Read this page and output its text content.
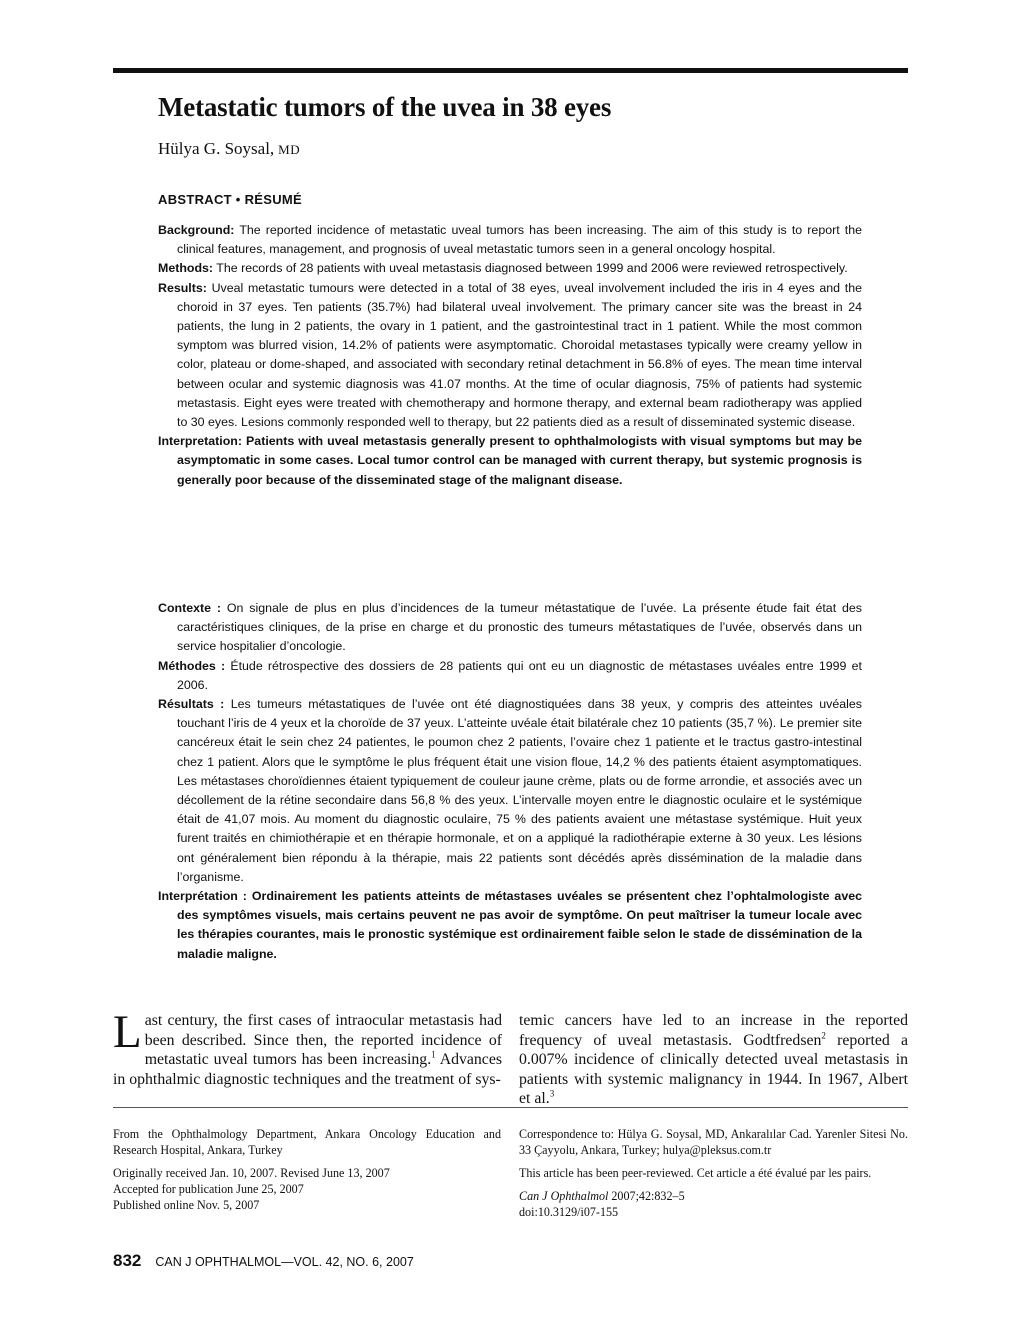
Metastatic tumors of the uvea in 38 eyes
Hülya G. Soysal, MD
ABSTRACT • RÉSUMÉ

Background: The reported incidence of metastatic uveal tumors has been increasing. The aim of this study is to report the clinical features, management, and prognosis of uveal metastatic tumors seen in a general oncology hospital.

Methods: The records of 28 patients with uveal metastasis diagnosed between 1999 and 2006 were reviewed retrospectively.

Results: Uveal metastatic tumours were detected in a total of 38 eyes, uveal involvement included the iris in 4 eyes and the choroid in 37 eyes. Ten patients (35.7%) had bilateral uveal involvement. The primary cancer site was the breast in 24 patients, the lung in 2 patients, the ovary in 1 patient, and the gastrointestinal tract in 1 patient. While the most common symptom was blurred vision, 14.2% of patients were asymptomatic. Choroidal metastases typically were creamy yellow in color, plateau or dome-shaped, and associated with secondary retinal detachment in 56.8% of eyes. The mean time interval between ocular and systemic diagnosis was 41.07 months. At the time of ocular diagnosis, 75% of patients had systemic metastasis. Eight eyes were treated with chemotherapy and hormone therapy, and external beam radiotherapy was applied to 30 eyes. Lesions commonly responded well to therapy, but 22 patients died as a result of disseminated systemic disease.

Interpretation: Patients with uveal metastasis generally present to ophthalmologists with visual symptoms but may be asymptomatic in some cases. Local tumor control can be managed with current therapy, but systemic prognosis is generally poor because of the disseminated stage of the malignant disease.

Contexte : On signale de plus en plus d’incidences de la tumeur métastatique de l’uvée. La présente étude fait état des caractéristiques cliniques, de la prise en charge et du pronostic des tumeurs métastatiques de l’uvée, observés dans un service hospitalier d’oncologie.

Méthodes : Étude rétrospective des dossiers de 28 patients qui ont eu un diagnostic de métastases uvéales entre 1999 et 2006.

Résultats : Les tumeurs métastatiques de l’uvée ont été diagnostiquées dans 38 yeux, y compris des atteintes uvéales touchant l’iris de 4 yeux et la choroïde de 37 yeux. L’atteinte uvéale était bilatérale chez 10 patients (35,7 %). Le premier site cancéreux était le sein chez 24 patientes, le poumon chez 2 patients, l’ovaire chez 1 patiente et le tractus gastro-intestinal chez 1 patient. Alors que le symptôme le plus fréquent était une vision floue, 14,2 % des patients étaient asymptomatiques. Les métastases choroïdiennes étaient typiquement de couleur jaune crème, plats ou de forme arrondie, et associés avec un décollement de la rétine secondaire dans 56,8 % des yeux. L’intervalle moyen entre le diagnostic oculaire et le systémique était de 41,07 mois. Au moment du diagnostic oculaire, 75 % des patients avaient une métastase systémique. Huit yeux furent traités en chimiothérapie et en thérapie hormonale, et on a appliqué la radiothérapie externe à 30 yeux. Les lésions ont généralement bien répondu à la thérapie, mais 22 patients sont décédés après dissémination de la maladie dans l’organisme.

Interprétation : Ordinairement les patients atteints de métastases uvéales se présentent chez l’ophtalmologiste avec des symptômes visuels, mais certains peuvent ne pas avoir de symptôme. On peut maîtriser la tumeur locale avec les thérapies courantes, mais le pronostic systémique est ordinairement faible selon le stade de dissémination de la maladie maligne.

Last century, the first cases of intraocular metastasis had been described. Since then, the reported incidence of metastatic uveal tumors has been increasing.$^1$ Advances in ophthalmic diagnostic techniques and the treatment of sys-
temic cancers have led to an increase in the reported frequency of uveal metastasis. Godtfredsen$^2$ reported a 0.007% incidence of clinically detected uveal metastasis in patients with systemic malignancy in 1944. In 1967, Albert et al.$^3$

From the Ophthalmology Department, Ankara Oncology Education and Research Hospital, Ankara, Turkey

Originally received Jan. 10, 2007. Revised June 13, 2007
Accepted for publication June 25, 2007
Published online Nov. 5, 2007

Correspondence to: Hülya G. Soysal, MD, Ankaralılar Cad. Yarenler Sitesi No. 33 Çayyolu, Ankara, Turkey; hulya@pleksus.com.tr

This article has been peer-reviewed. Cet article a été évalué par les pairs.

Can J Ophthalmol 2007;42:832–5
doi:10.3129/i07-155
832 CAN J OPHTHALMOL—VOL. 42, NO. 6, 2007
